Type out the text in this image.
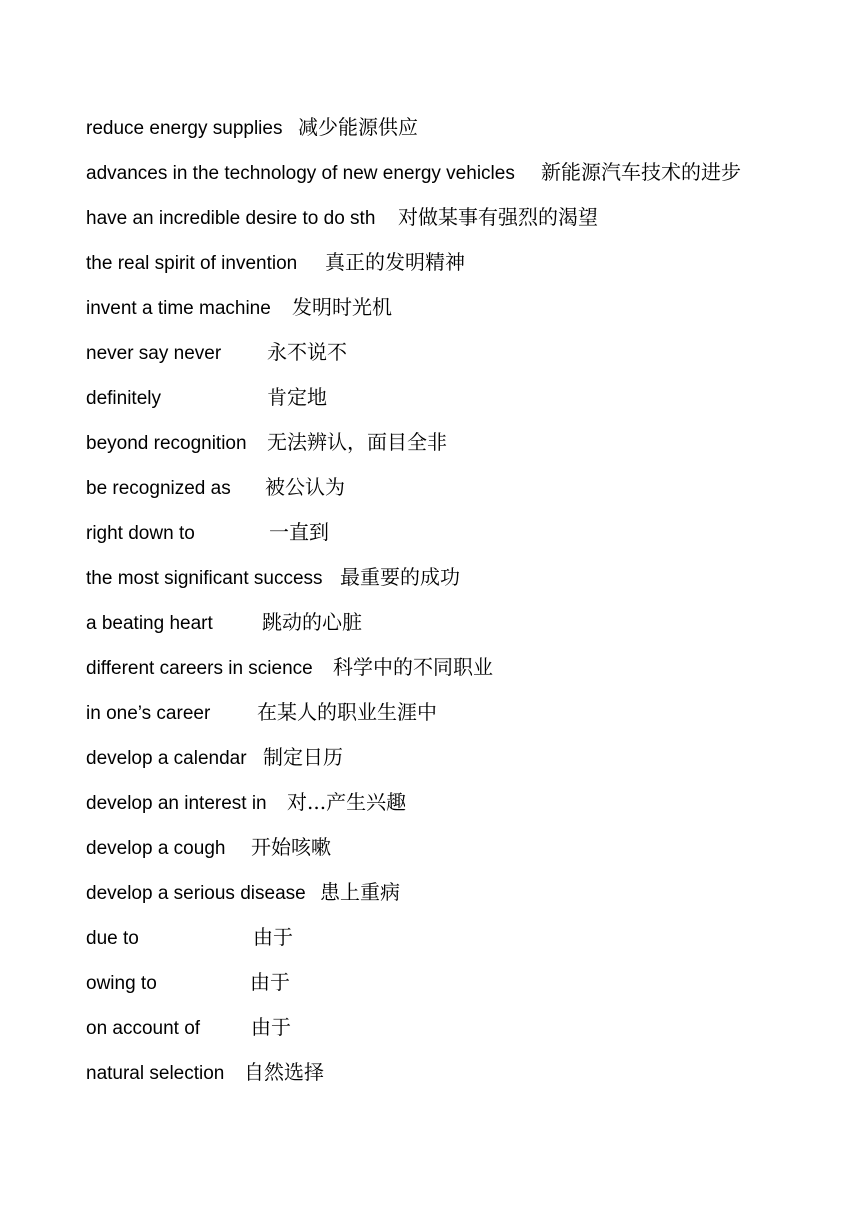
reduce energy supplies 减少能源供应
advances in the technology of new energy vehicles 新能源汽车技术的进步
have an incredible desire to do sth 对做某事有强烈的渴望
the real spirit of invention 真正的发明精神
invent a time machine 发明时光机
never say never 永不说不
definitely	肯定地
beyond recognition 无法辨认，面目全非
be recognized as 被公认为
right down to	一直到
the most significant success 最重要的成功
a beating heart 跳动的心脏
different careers in science 科学中的不同职业
in one’s career 在某人的职业生涯中
develop a calendar 制定日历
develop an interest in 对...产生兴趣
develop a cough 开始咳嗽
develop a serious disease 患上重病
due to	由于
owing to	由于
on account of	由于
natural selection 自然选择
